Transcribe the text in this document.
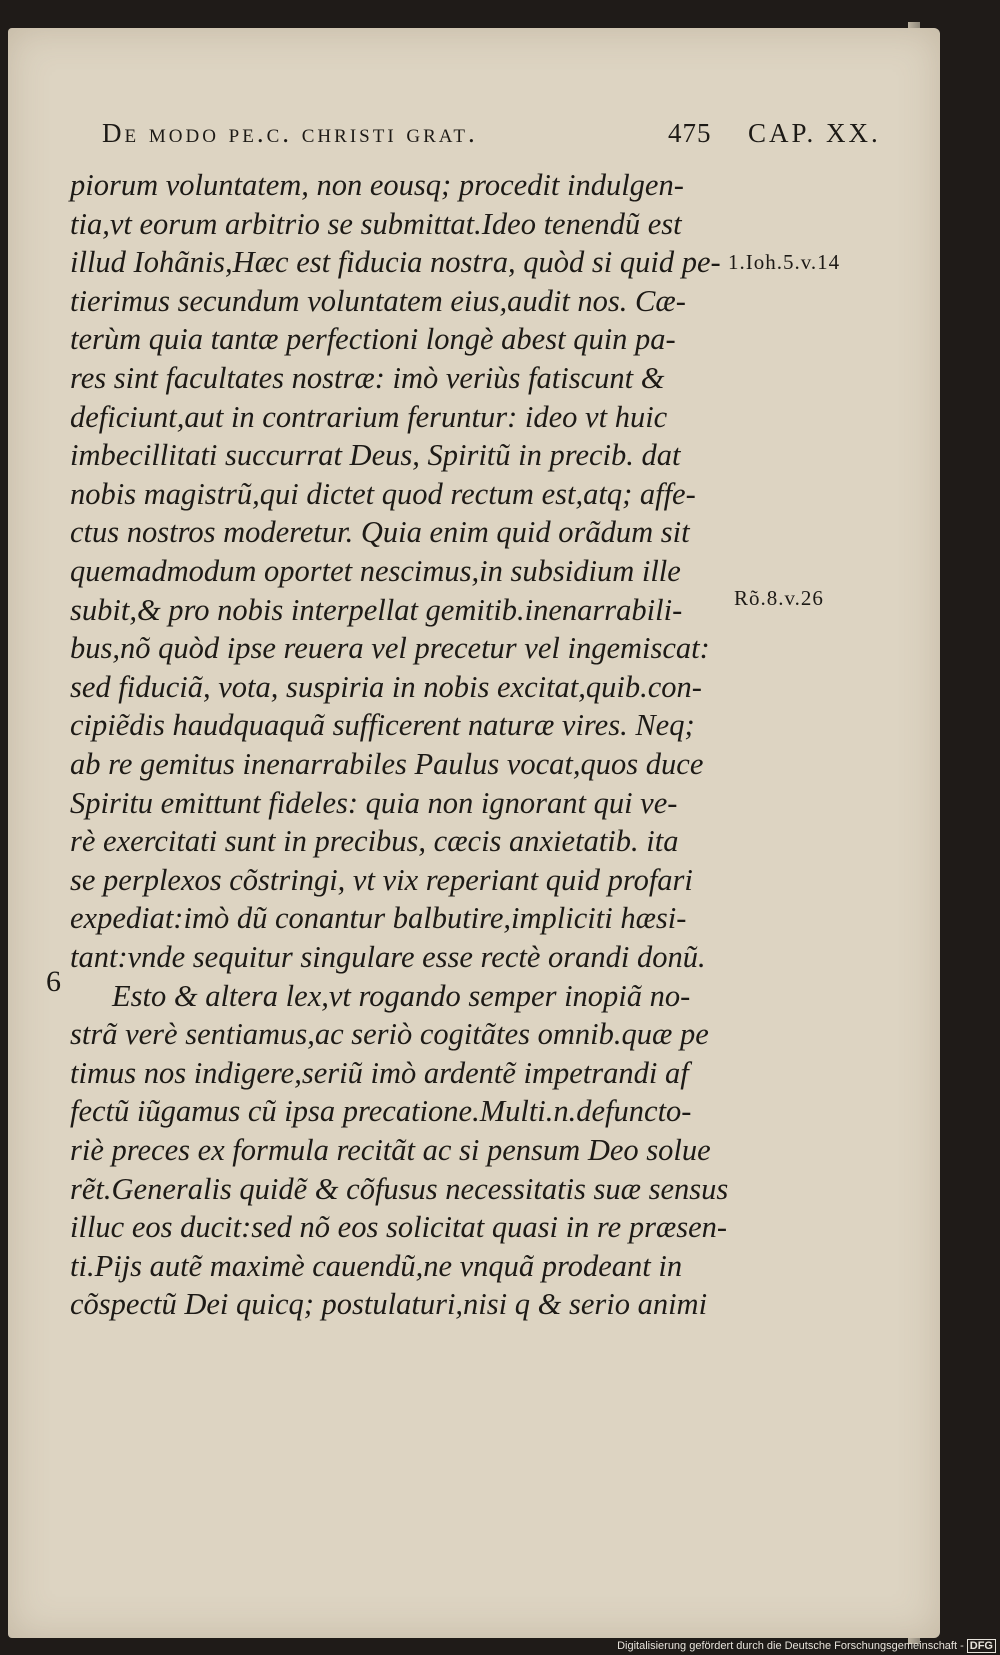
De modo pe.c. christi grat.	475 CAP. XX.
piorum voluntatem, non eousq; procedit indulgen-
tia,vt eorum arbitrio se submittat.Ideo tenendũ est
illud Iohãnis,Hæc est fiducia nostra, quòd si quid pe-
tierimus secundum voluntatem eius,audit nos. Cæ-
terùm quia tantæ perfectioni longè abest quin pa-
res sint facultates nostræ: imò veriùs fatiscunt &
deficiunt,aut in contrarium feruntur: ideo vt huic
imbecillitati succurrat Deus, Spiritũ in precib. dat
nobis magistrũ,qui dictet quod rectum est,atq; affe-
ctus nostros moderetur. Quia enim quid orãdum sit
quemadmodum oportet nescimus,in subsidium ille
subit,& pro nobis interpellat gemitib.inenarrabili-
bus,nõ quòd ipse reuera vel precetur vel ingemiscat:
sed fiduciã, vota, suspiria in nobis excitat,quib.con-
cipiẽdis haudquaquã sufficerent naturæ vires. Neq;
ab re gemitus inenarrabiles Paulus vocat,quos duce
Spiritu emittunt fideles: quia non ignorant qui ve-
rè exercitati sunt in precibus, cæcis anxietatib. ita
se perplexos cõstringi, vt vix reperiant quid profari
expediat:imò dũ conantur balbutire,impliciti hæsi-
tant:vnde sequitur singulare esse rectè orandi donũ.
Esto & altera lex,vt rogando semper inopiã no-
strã verè sentiamus,ac seriò cogitãtes omnib.quæ pe
timus nos indigere,seriũ imò ardentẽ impetrandi af
fectũ iũgamus cũ ipsa precatione.Multi.n.defuncto-
riè preces ex formula recitãt ac si pensum Deo solue
rẽt.Generalis quidẽ & cõfusus necessitatis suæ sensus
illuc eos ducit:sed nõ eos solicitat quasi in re præsen-
ti.Pijs autẽ maximè cauendũ,ne vnquã prodeant in
cõspectũ Dei quicq; postulaturi,nisi q & serio animi
6
1.Ioh.5.v.14
Rõ.8.v.26
Digitalisierung gefördert durch die Deutsche Forschungsgemeinschaft - DFG
